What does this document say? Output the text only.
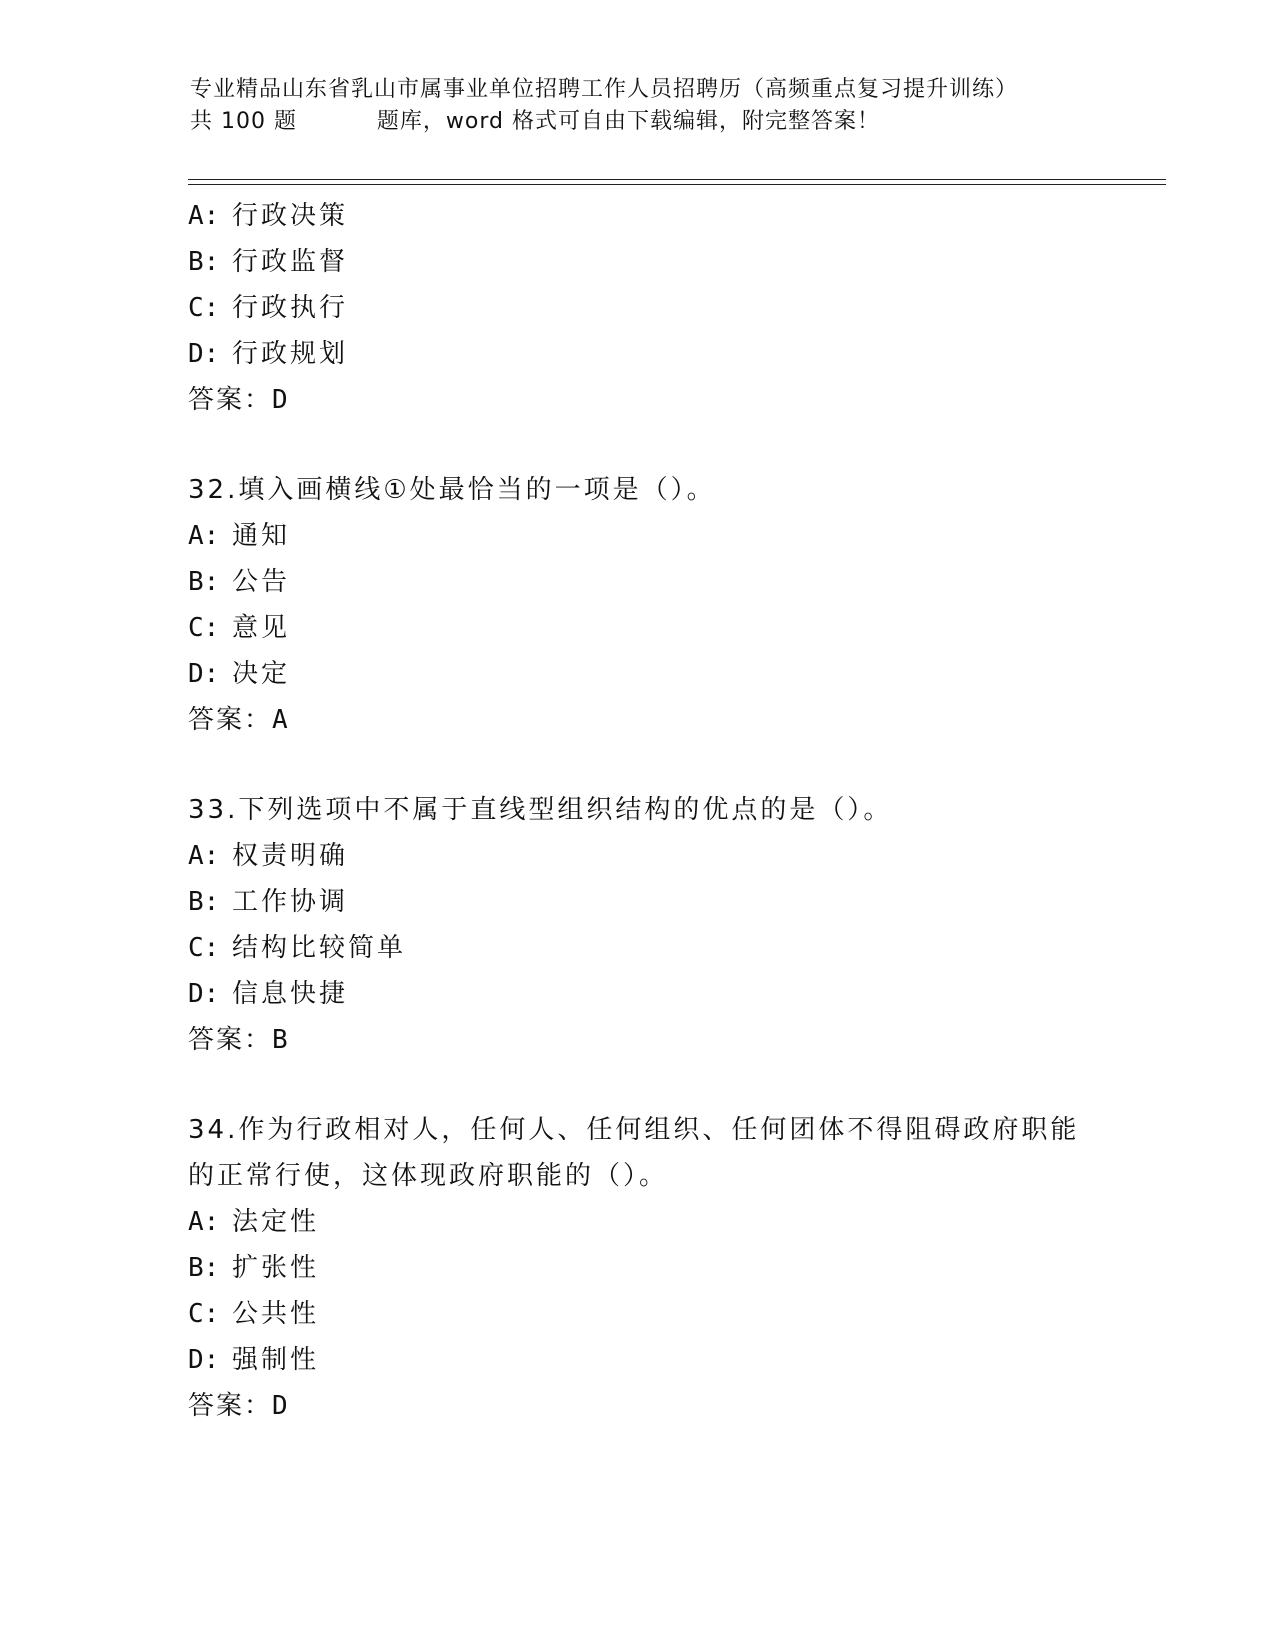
专业精品山东省乳山市属事业单位招聘工作人员招聘历（高频重点复习提升训练）
共 100 题	题库，word 格式可自由下载编辑，附完整答案！
A: 行政决策
B: 行政监督
C: 行政执行
D: 行政规划
答案：D
32.填入画横线①处最恰当的一项是（）。
A: 通知
B: 公告
C: 意见
D: 决定
答案：A
33.下列选项中不属于直线型组织结构的优点的是（）。
A: 权责明确
B: 工作协调
C: 结构比较简单
D: 信息快捷
答案：B
34.作为行政相对人，任何人、任何组织、任何团体不得阻碍政府职能
的正常行使，这体现政府职能的（）。
A: 法定性
B: 扩张性
C: 公共性
D: 强制性
答案：D
